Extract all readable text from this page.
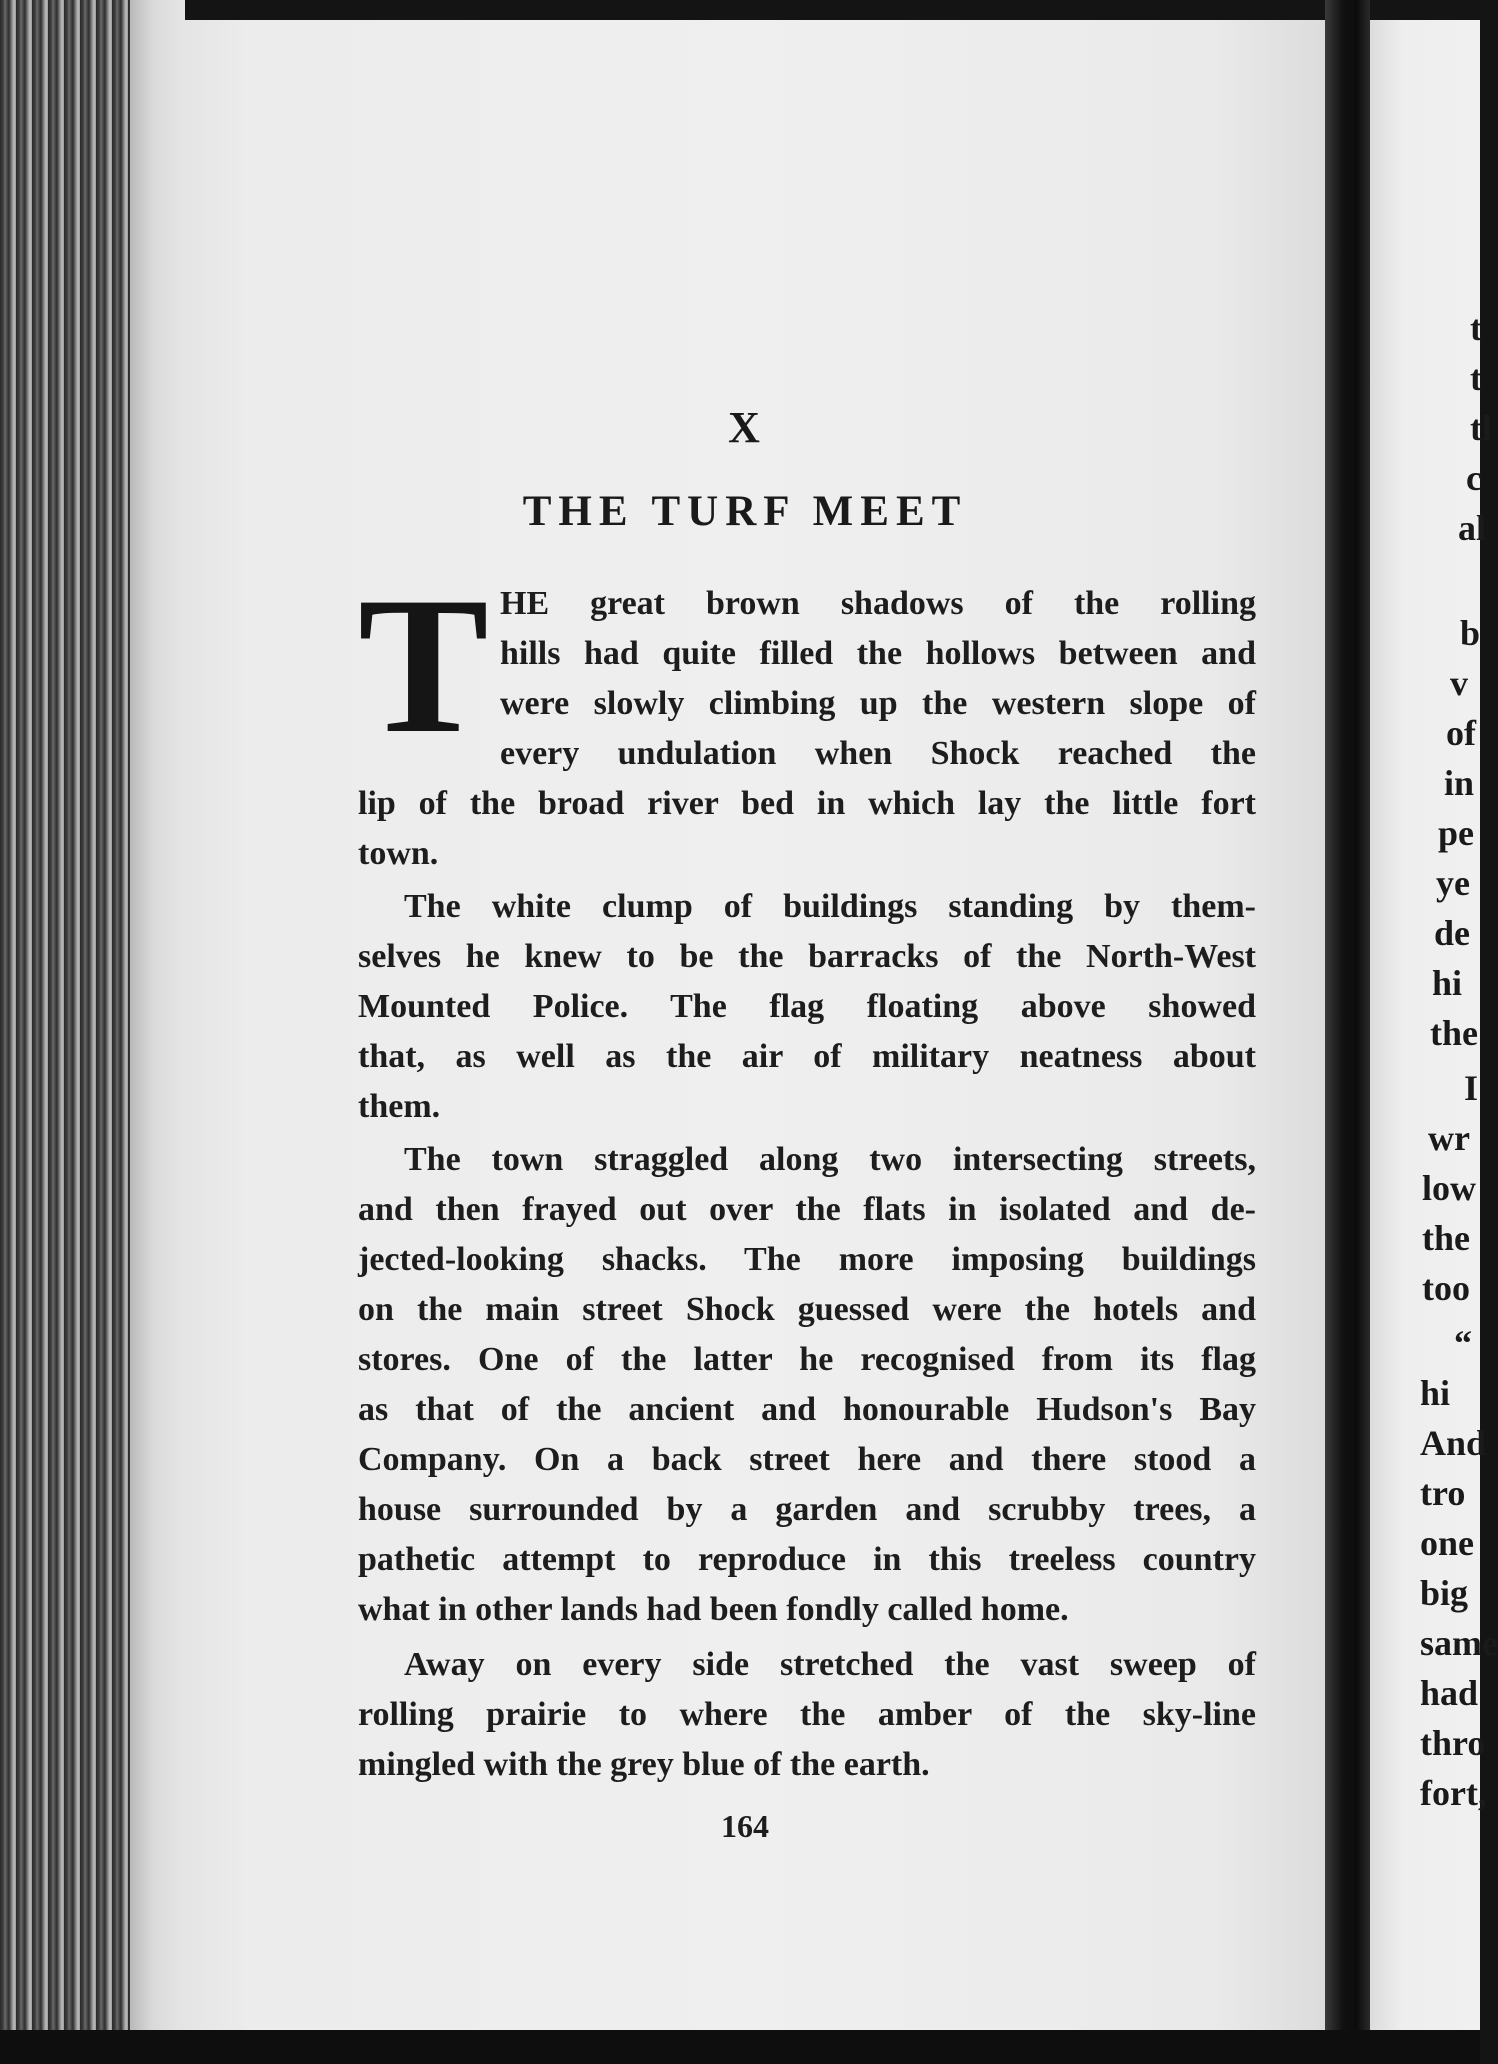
t
t
tl
c
al
b
v
of
in
pe
ye
de
hi
the
I
wr
low
the
too
“
hi
And
tro
one
big
same
had
thro
fort,
X
THE TURF MEET
T HE great brown shadows of the rolling
hills had quite filled the hollows between and
were slowly climbing up the western slope of
every undulation when Shock reached the
lip of the broad river bed in which lay the little fort
town.
The white clump of buildings standing by them-
selves he knew to be the barracks of the North-West
Mounted Police. The flag floating above showed
that, as well as the air of military neatness about
them.
The town straggled along two intersecting streets,
and then frayed out over the flats in isolated and de-
jected-looking shacks. The more imposing buildings
on the main street Shock guessed were the hotels and
stores. One of the latter he recognised from its flag
as that of the ancient and honourable Hudson's Bay
Company. On a back street here and there stood a
house surrounded by a garden and scrubby trees, a
pathetic attempt to reproduce in this treeless country
what in other lands had been fondly called home.
Away on every side stretched the vast sweep of
rolling prairie to where the amber of the sky-line
mingled with the grey blue of the earth.
164
